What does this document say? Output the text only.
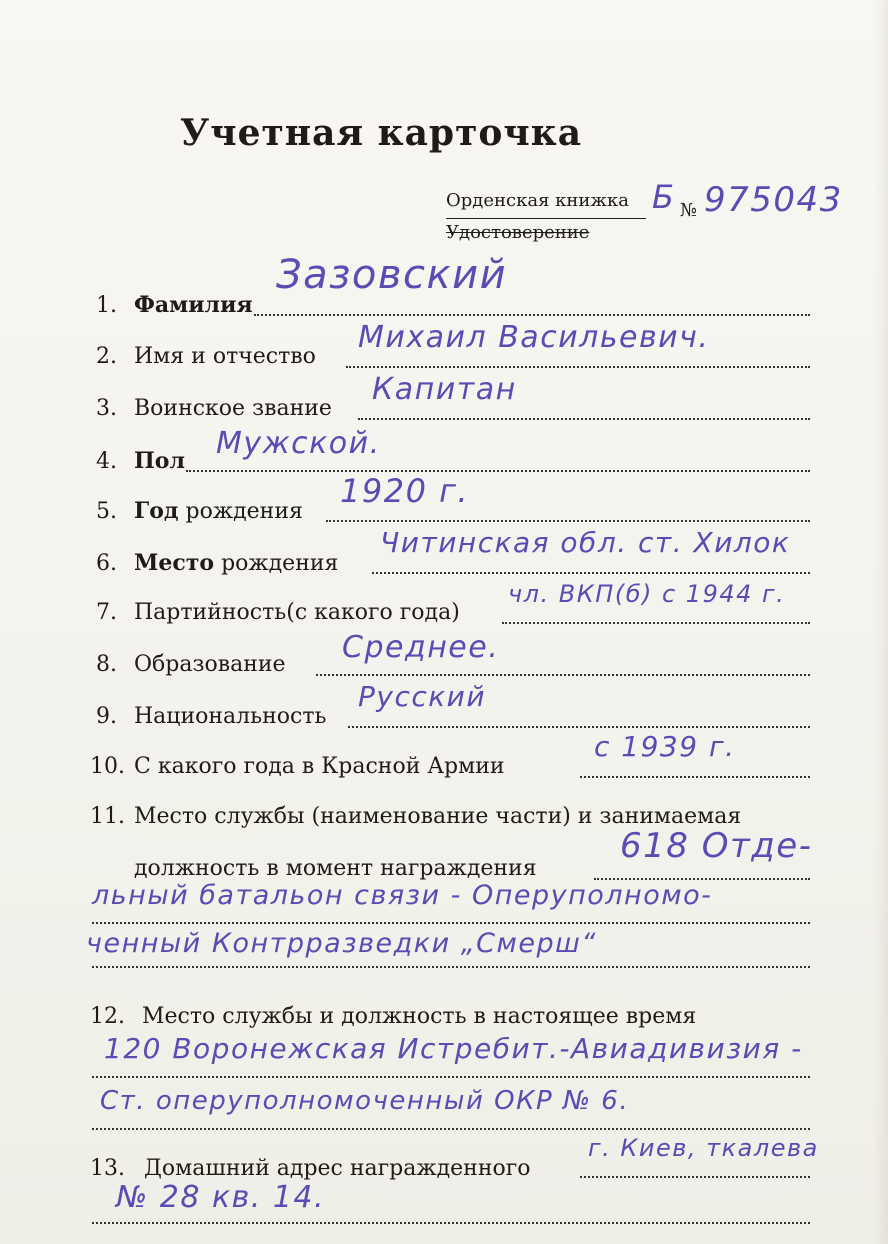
Учетная карточка
Орденская книжка
Удостоверение
Б № 975043
1. Фамилия
Зазовский
2. Имя и отчество
Михаил Васильевич.
3. Воинское звание
Капитан
4. Пол Мужской.
5. Год рождения
1920 г.
6. Место рождения
Читинская обл. ст. Хилок
7. Партийность(с какого года)
чл. ВКП(б) с 1944 г.
8. Образование Среднее.
9. Национальность
Русский
10. С какого года в Красной Армии
с 1939 г.
11. Место службы (наименование части) и занимаемая
должность в момент награждения
618 Отде-
льный батальон связи - Оперуполномо-
ченный Контрразведки „Смерш“
12. Место службы и должность в настоящее время
120 Воронежская Истребит.-Авиадивизия -
Ст. оперуполномоченный ОКР № 6.
13. Домашний адрес награжденного
г. Киев, ткалева
№ 28 кв. 14.
